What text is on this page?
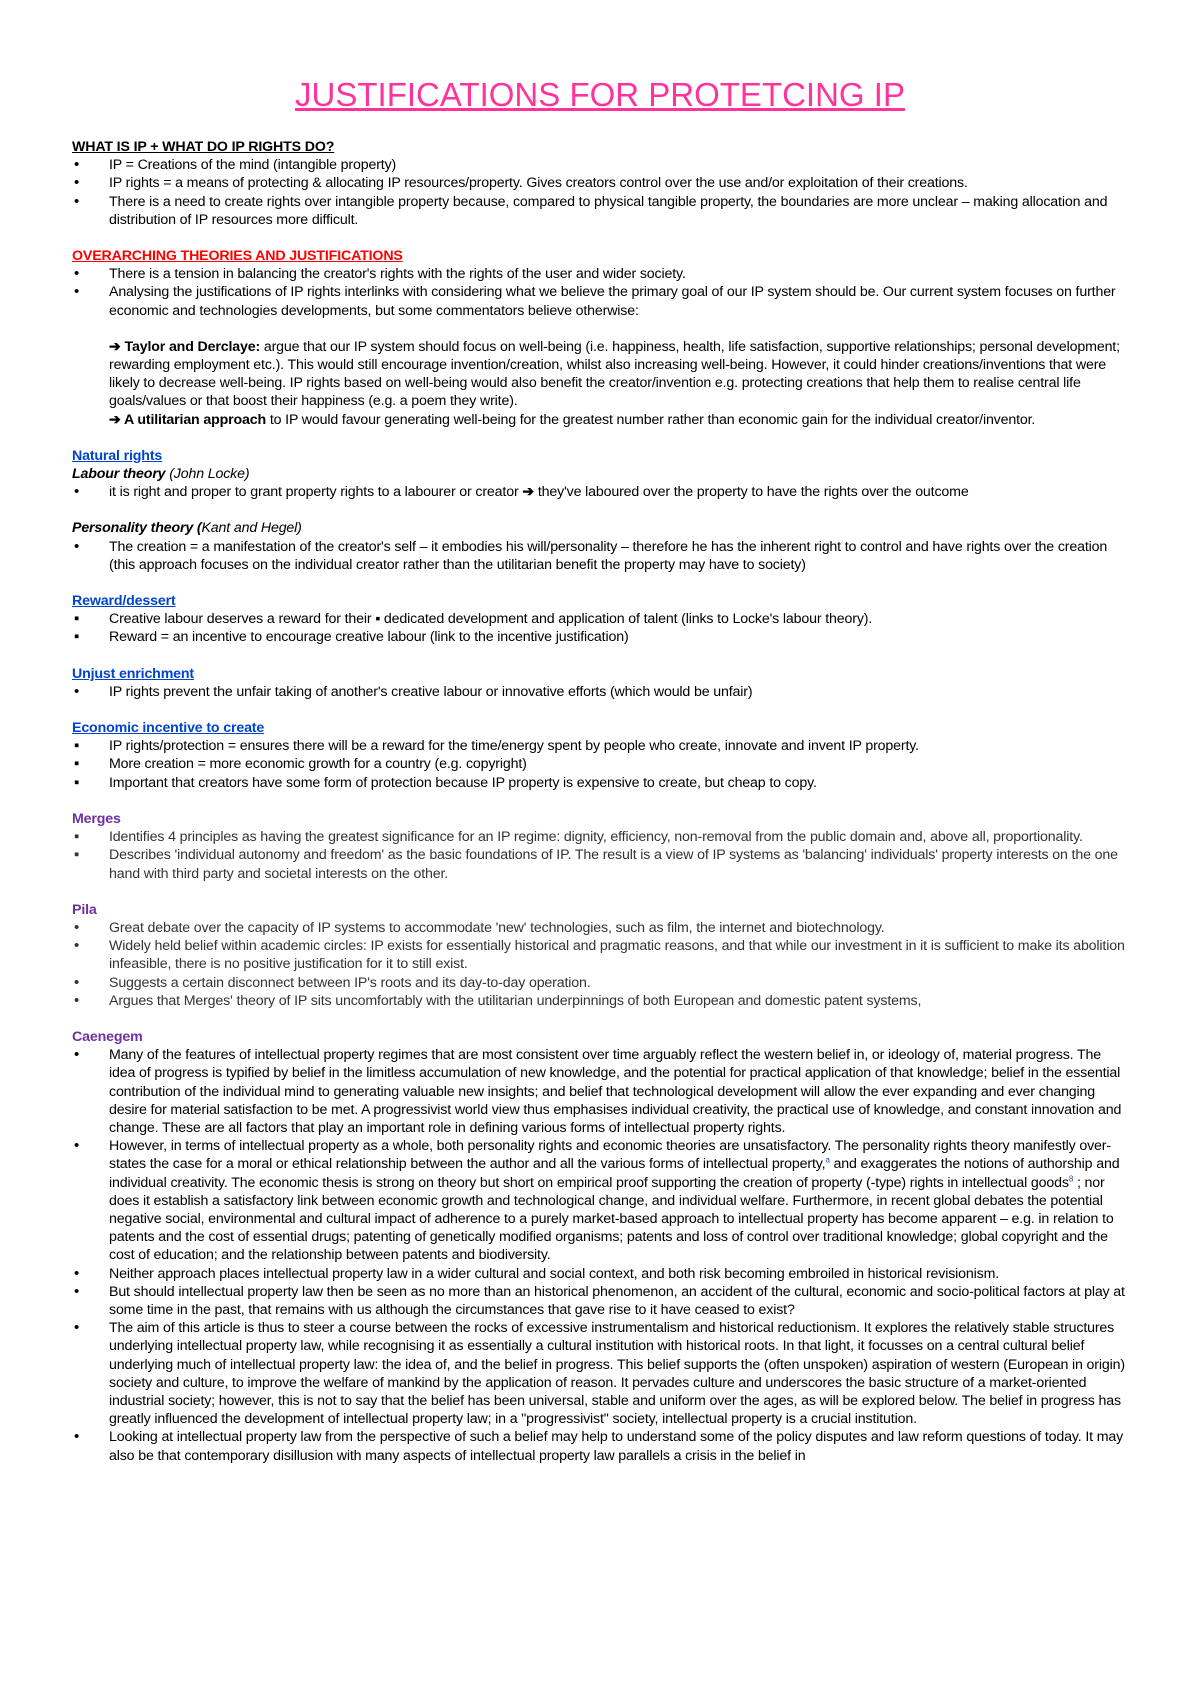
JUSTIFICATIONS FOR PROTETCING IP
WHAT IS IP + WHAT DO IP RIGHTS DO?
• IP = Creations of the mind (intangible property)
• IP rights = a means of protecting & allocating IP resources/property. Gives creators control over the use and/or exploitation of their creations.
• There is a need to create rights over intangible property because, compared to physical tangible property, the boundaries are more unclear – making allocation and distribution of IP resources more difficult.
OVERARCHING THEORIES AND JUSTIFICATIONS
• There is a tension in balancing the creator's rights with the rights of the user and wider society.
• Analysing the justifications of IP rights interlinks with considering what we believe the primary goal of our IP system should be. Our current system focuses on further economic and technologies developments, but some commentators believe otherwise:

➔ Taylor and Derclaye: argue that our IP system should focus on well-being (i.e. happiness, health, life satisfaction, supportive relationships; personal development; rewarding employment etc.). This would still encourage invention/creation, whilst also increasing well-being. However, it could hinder creations/inventions that were likely to decrease well-being. IP rights based on well-being would also benefit the creator/invention e.g. protecting creations that help them to realise central life goals/values or that boost their happiness (e.g. a poem they write).

➔ A utilitarian approach to IP would favour generating well-being for the greatest number rather than economic gain for the individual creator/inventor.

Natural rights
Labour theory (John Locke)
• it is right and proper to grant property rights to a labourer or creator ➔ they've laboured over the property to have the rights over the outcome
Personality theory (Kant and Hegel)
• The creation = a manifestation of the creator's self – it embodies his will/personality – therefore he has the inherent right to control and have rights over the creation (this approach focuses on the individual creator rather than the utilitarian benefit the property may have to society)
Reward/dessert
▪ Creative labour deserves a reward for their ▪ dedicated development and application of talent (links to Locke's labour theory).
▪ Reward = an incentive to encourage creative labour (link to the incentive justification)
Unjust enrichment
• IP rights prevent the unfair taking of another's creative labour or innovative efforts (which would be unfair)
Economic incentive to create
▪ IP rights/protection = ensures there will be a reward for the time/energy spent by people who create, innovate and invent IP property.
▪ More creation = more economic growth for a country (e.g. copyright)
▪ Important that creators have some form of protection because IP property is expensive to create, but cheap to copy.
Merges
▪ Identifies 4 principles as having the greatest significance for an IP regime: dignity, efficiency, non-removal from the public domain and, above all, proportionality.
▪ Describes 'individual autonomy and freedom' as the basic foundations of IP. The result is a view of IP systems as 'balancing' individuals' property interests on the one hand with third party and societal interests on the other.
Pila
• Great debate over the capacity of IP systems to accommodate 'new' technologies, such as film, the internet and biotechnology.
• Widely held belief within academic circles: IP exists for essentially historical and pragmatic reasons, and that while our investment in it is sufficient to make its abolition infeasible, there is no positive justification for it to still exist.
• Suggests a certain disconnect between IP's roots and its day-to-day operation.
• Argues that Merges' theory of IP sits uncomfortably with the utilitarian underpinnings of both European and domestic patent systems,
Caenegem
• Many of the features of intellectual property regimes that are most consistent over time arguably reflect the western belief in, or ideology of, material progress. The idea of progress is typified by belief in the limitless accumulation of new knowledge, and the potential for practical application of that knowledge; belief in the essential contribution of the individual mind to generating valuable new insights; and belief that technological development will allow the ever expanding and ever changing desire for material satisfaction to be met. A progressivist world view thus emphasises individual creativity, the practical use of knowledge, and constant innovation and change. These are all factors that play an important role in defining various forms of intellectual property rights.
• However, in terms of intellectual property as a whole, both personality rights and economic theories are unsatisfactory. The personality rights theory manifestly over-states the case for a moral or ethical relationship between the author and all the various forms of intellectual property,$^a$ and exaggerates the notions of authorship and individual creativity. The economic thesis is strong on theory but short on empirical proof supporting the creation of property (-type) rights in intellectual goods$^8$ ; nor does it establish a satisfactory link between economic growth and technological change, and individual welfare. Furthermore, in recent global debates the potential negative social, environmental and cultural impact of adherence to a purely market-based approach to intellectual property has become apparent – e.g. in relation to patents and the cost of essential drugs; patenting of genetically modified organisms; patents and loss of control over traditional knowledge; global copyright and the cost of education; and the relationship between patents and biodiversity.
• Neither approach places intellectual property law in a wider cultural and social context, and both risk becoming embroiled in historical revisionism.
• But should intellectual property law then be seen as no more than an historical phenomenon, an accident of the cultural, economic and socio-political factors at play at some time in the past, that remains with us although the circumstances that gave rise to it have ceased to exist?
• The aim of this article is thus to steer a course between the rocks of excessive instrumentalism and historical reductionism. It explores the relatively stable structures underlying intellectual property law, while recognising it as essentially a cultural institution with historical roots. In that light, it focusses on a central cultural belief underlying much of intellectual property law: the idea of, and the belief in progress. This belief supports the (often unspoken) aspiration of western (European in origin) society and culture, to improve the welfare of mankind by the application of reason. It pervades culture and underscores the basic structure of a market-oriented industrial society; however, this is not to say that the belief has been universal, stable and uniform over the ages, as will be explored below. The belief in progress has greatly influenced the development of intellectual property law; in a "progressivist" society, intellectual property is a crucial institution.
• Looking at intellectual property law from the perspective of such a belief may help to understand some of the policy disputes and law reform questions of today. It may also be that contemporary disillusion with many aspects of intellectual property law parallels a crisis in the belief in
